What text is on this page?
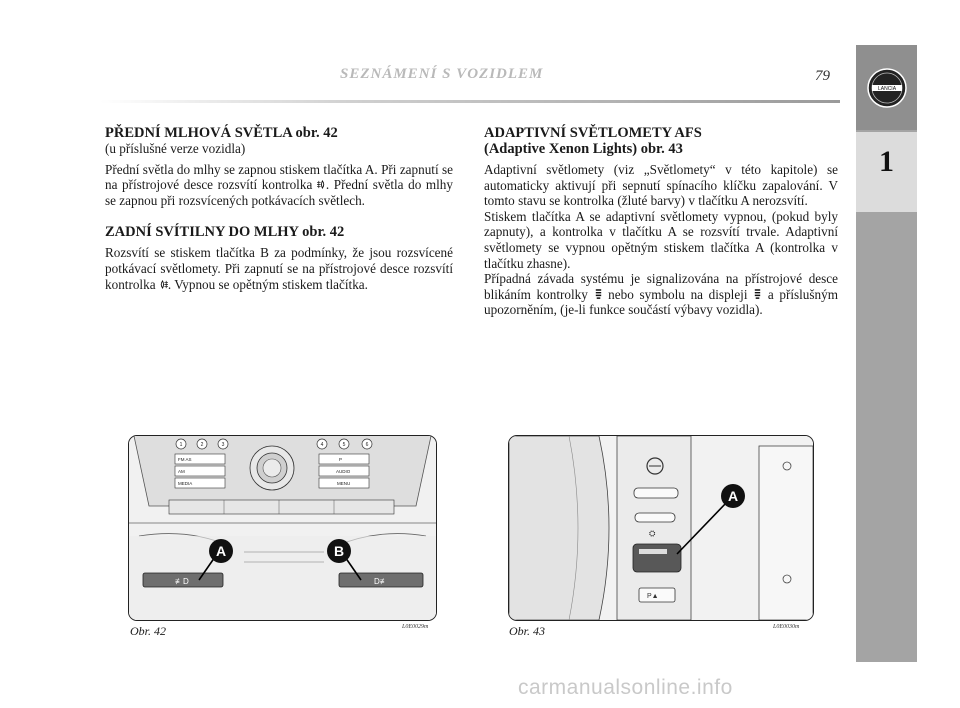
SEZNÁMENÍ S VOZIDLEM	79
LANCIA
1
PŘEDNÍ MLHOVÁ SVĚTLA obr. 42
(u příslušné verze vozidla)

Přední světla do mlhy se zapnou stiskem tlačítka A. Při zapnutí se na přístrojové desce rozsvítí kontrolka . Přední světla do mlhy se zapnou při rozsvícených potkávacích světlech.

ZADNÍ SVÍTILNY DO MLHY obr. 42

Rozsvítí se stiskem tlačítka B za podmínky, že jsou rozsvícené potkávací světlomety. Při zapnutí se na přístrojové desce rozsvítí kontrolka . Vypnou se opětným stiskem tlačítka.

ADAPTIVNÍ SVĚTLOMETY AFS
(Adaptive Xenon Lights) obr. 43

Adaptivní světlomety (viz „Světlomety“ v této kapitole) se automaticky aktivují při sepnutí spínacího klíčku zapalování. V tomto stavu se kontrolka (žluté barvy) v tlačítku A nerozsvítí.

Stiskem tlačítka A se adaptivní světlomety vypnou, (pokud byly zapnuty), a kontrolka v tlačítku A se rozsvítí trvale. Adaptivní světlomety se vypnou opětným stiskem tlačítka A (kontrolka v tlačítku zhasne).

Případná závada systému je signalizována na přístrojové desce blikáním kontrolky  nebo symbolu na displeji  a příslušným upozorněním, (je-li funkce součástí výbavy vozidla).

1	2	3	4	5	6
FM AS
AM
MEDIA
P
AUDIO
MENU
≢D	D≢
A	B
Obr. 42	L0E0029m
⛭
P▲
A
Obr. 43	L0E0030m
carmanualsonline.info
